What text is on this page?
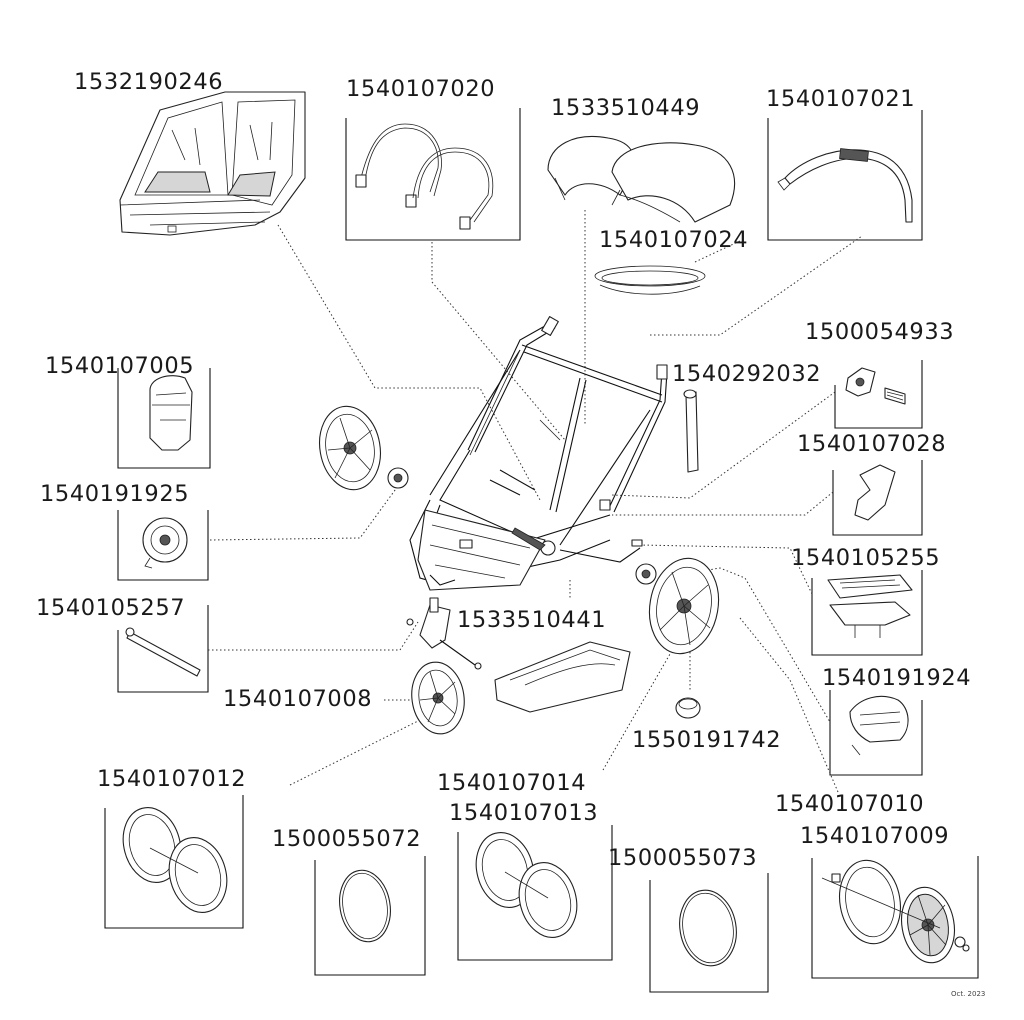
1532190246	1540107020
1533510449	1540107021
1540107024
1500054933
1540107005	1540292032
1540107028
1540191925
1540105255
1540105257	1533510441
1540191924
1540107008
1550191742
1540107012	1540107014
1540107013	1540107010
1500055072	1540107009
1500055073
Oct. 2023
